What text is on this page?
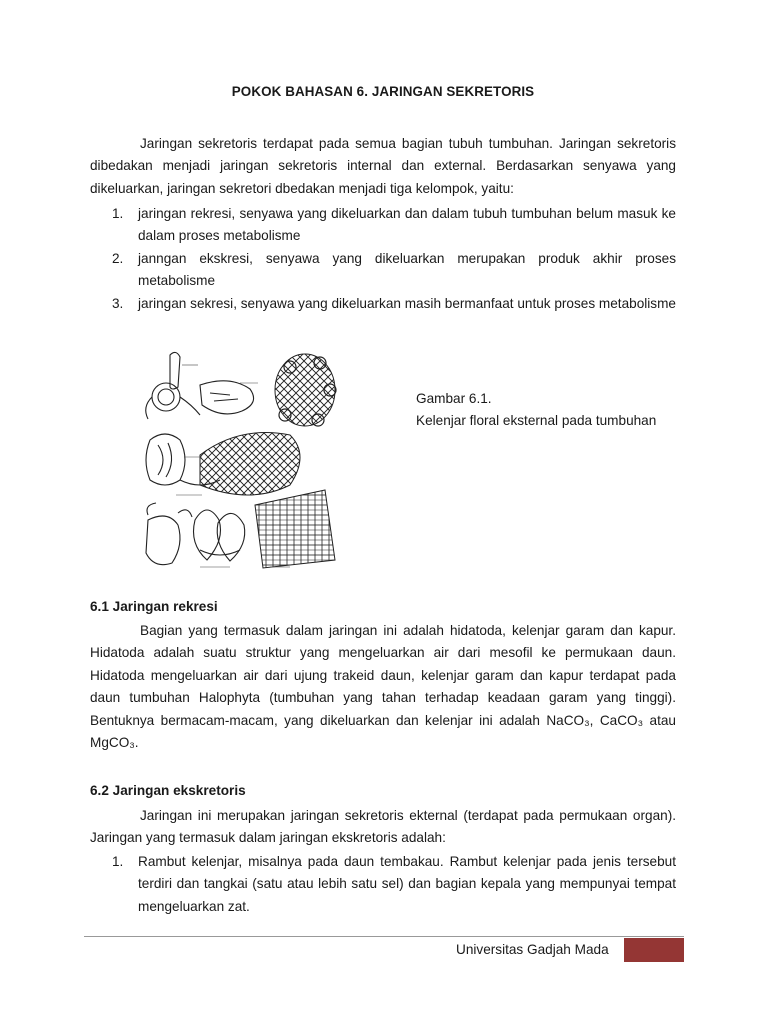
POKOK BAHASAN 6. JARINGAN SEKRETORIS

Jaringan sekretoris terdapat pada semua bagian tubuh tumbuhan. Jaringan sekretoris dibedakan menjadi jaringan sekretoris internal dan external. Berdasarkan senyawa yang dikeluarkan, jaringan sekretori dbedakan menjadi tiga kelompok, yaitu:

1. jaringan rekresi, senyawa yang dikeluarkan dan dalam tubuh tumbuhan belum masuk ke dalam proses metabolisme
2. janngan ekskresi, senyawa yang dikeluarkan merupakan produk akhir proses metabolisme
3. jaringan sekresi, senyawa yang dikeluarkan masih bermanfaat untuk proses metabolisme
Gambar 6.1.
Kelenjar floral eksternal pada tumbuhan
6.1 Jaringan rekresi

Bagian yang termasuk dalam jaringan ini adalah hidatoda, kelenjar garam dan kapur. Hidatoda adalah suatu struktur yang mengeluarkan air dari mesofil ke permukaan daun. Hidatoda mengeluarkan air dari ujung trakeid daun, kelenjar garam dan kapur terdapat pada daun tumbuhan Halophyta (tumbuhan yang tahan terhadap keadaan garam yang tinggi). Bentuknya bermacam-macam, yang dikeluarkan dan kelenjar ini adalah NaCO₃, CaCO₃ atau MgCO₃.

6.2 Jaringan ekskretoris

Jaringan ini merupakan jaringan sekretoris ekternal (terdapat pada permukaan organ). Jaringan yang termasuk dalam jaringan ekskretoris adalah:

1. Rambut kelenjar, misalnya pada daun tembakau. Rambut kelenjar pada jenis tersebut terdiri dan tangkai (satu atau lebih satu sel) dan bagian kepala yang mempunyai tempat mengeluarkan zat.
Universitas Gadjah Mada
